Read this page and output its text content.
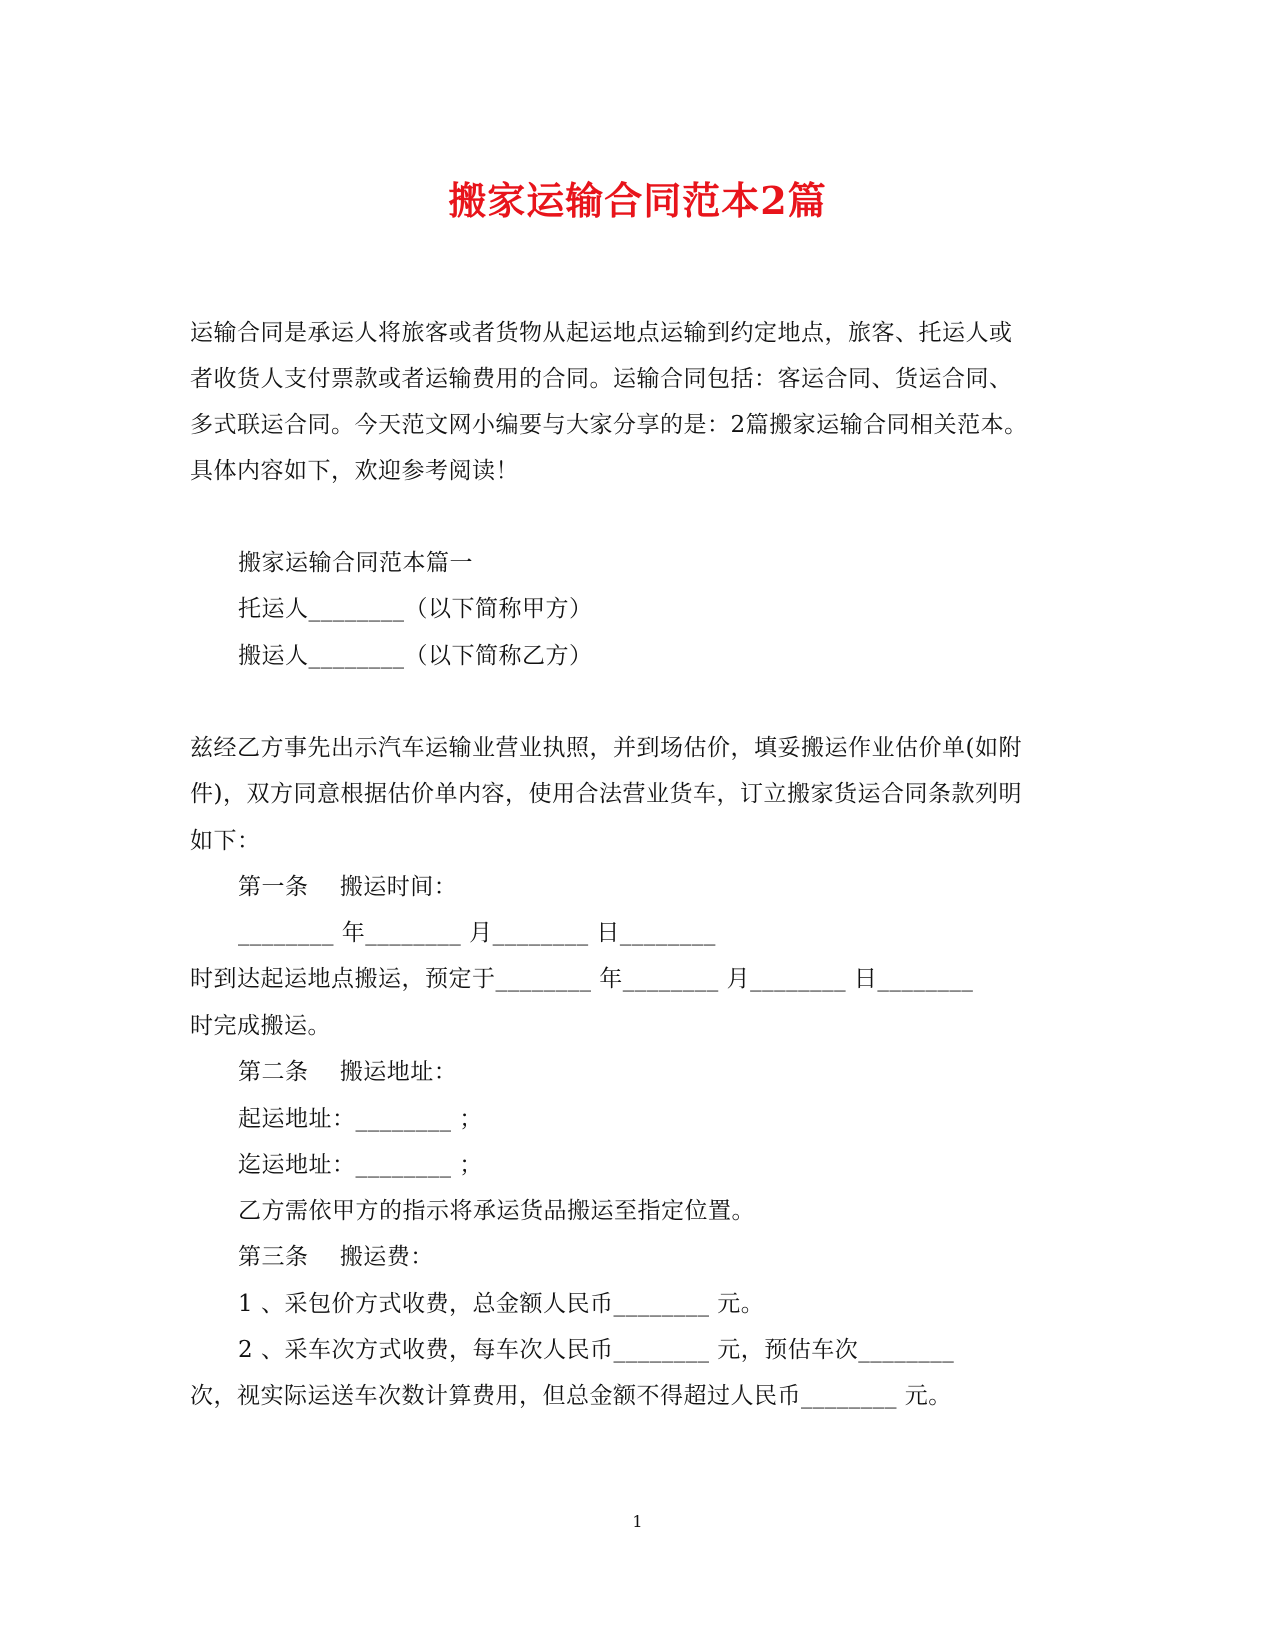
搬家运输合同范本2篇
运输合同是承运人将旅客或者货物从起运地点运输到约定地点，旅客、托运人或
者收货人支付票款或者运输费用的合同。运输合同包括：客运合同、货运合同、
多式联运合同。今天范文网小编要与大家分享的是：2篇搬家运输合同相关范本。
具体内容如下，欢迎参考阅读！
搬家运输合同范本篇一
托运人________（以下简称甲方）
搬运人________（以下简称乙方）
兹经乙方事先出示汽车运输业营业执照，并到场估价，填妥搬运作业估价单(如附
件)，双方同意根据估价单内容，使用合法营业货车，订立搬家货运合同条款列明
如下：
第一条    搬运时间：
________ 年________ 月________ 日________
时到达起运地点搬运，预定于________ 年________ 月________ 日________
时完成搬运。
第二条    搬运地址：
起运地址：________ ；
迄运地址：________ ；
乙方需依甲方的指示将承运货品搬运至指定位置。
第三条    搬运费：
1 、采包价方式收费，总金额人民币________ 元。
2 、采车次方式收费，每车次人民币________ 元，预估车次________
次，视实际运送车次数计算费用，但总金额不得超过人民币________ 元。
1
